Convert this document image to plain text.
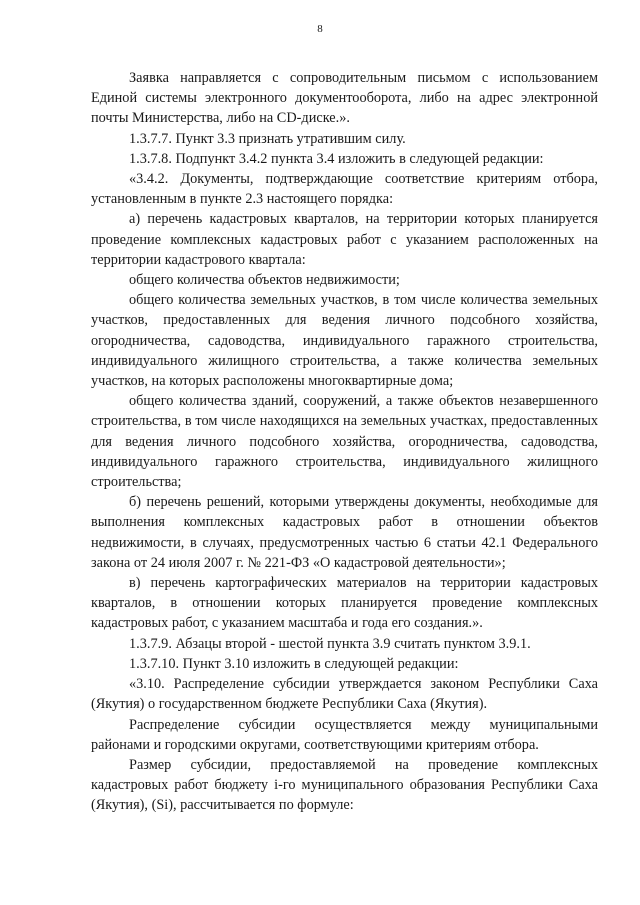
8

Заявка направляется с сопроводительным письмом с использованием Единой системы электронного документооборота, либо на адрес электронной почты Министерства, либо на CD-диске.».

1.3.7.7. Пункт 3.3 признать утратившим силу.

1.3.7.8. Подпункт 3.4.2 пункта 3.4 изложить в следующей редакции:

«3.4.2. Документы, подтверждающие соответствие критериям отбора, установленным в пункте 2.3 настоящего порядка:

а) перечень кадастровых кварталов, на территории которых планируется проведение комплексных кадастровых работ с указанием расположенных на территории кадастрового квартала:

общего количества объектов недвижимости;

общего количества земельных участков, в том числе количества земельных участков, предоставленных для ведения личного подсобного хозяйства, огородничества, садоводства, индивидуального гаражного строительства, индивидуального жилищного строительства, а также количества земельных участков, на которых расположены многоквартирные дома;

общего количества зданий, сооружений, а также объектов незавершенного строительства, в том числе находящихся на земельных участках, предоставленных для ведения личного подсобного хозяйства, огородничества, садоводства, индивидуального гаражного строительства, индивидуального жилищного строительства;

б) перечень решений, которыми утверждены документы, необходимые для выполнения комплексных кадастровых работ в отношении объектов недвижимости, в случаях, предусмотренных частью 6 статьи 42.1 Федерального закона от 24 июля 2007 г. № 221-ФЗ «О кадастровой деятельности»;

в) перечень картографических материалов на территории кадастровых кварталов, в отношении которых планируется проведение комплексных кадастровых работ, с указанием масштаба и года его создания.».

1.3.7.9. Абзацы второй - шестой пункта 3.9 считать пунктом 3.9.1.

1.3.7.10. Пункт 3.10 изложить в следующей редакции:

«3.10. Распределение субсидии утверждается законом Республики Саха (Якутия) о государственном бюджете Республики Саха (Якутия).

Распределение субсидии осуществляется между муниципальными районами и городскими округами, соответствующими критериям отбора.

Размер субсидии, предоставляемой на проведение комплексных кадастровых работ бюджету i-го муниципального образования Республики Саха (Якутия), (Si), рассчитывается по формуле:
